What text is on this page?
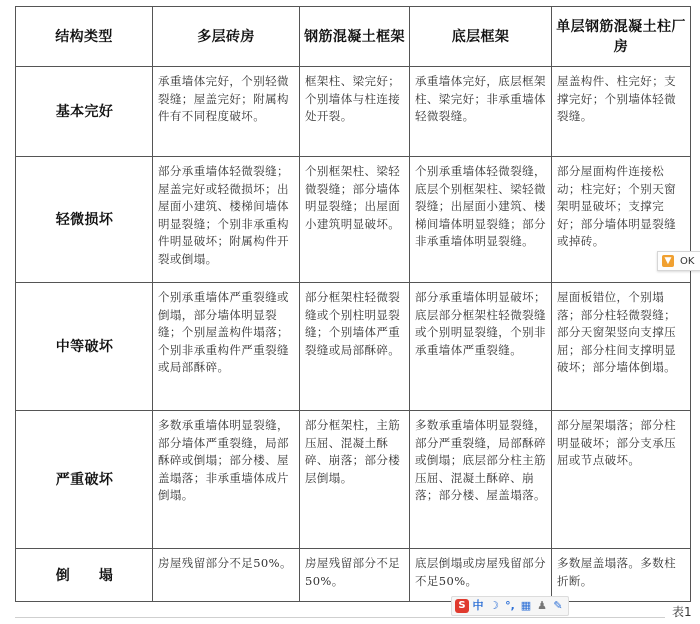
结构类型	多层砖房	钢筋混凝土框架	底层框架	单层钢筋混凝土柱厂房
基本完好	承重墙体完好，个别轻微裂缝；屋盖完好；附属构件有不同程度破坏。	框架柱、梁完好；个别墙体与柱连接处开裂。	承重墙体完好，底层框架柱、梁完好；非承重墙体轻微裂缝。	屋盖构件、柱完好；支撑完好；个别墙体轻微裂缝。
轻微损坏	部分承重墙体轻微裂缝；屋盖完好或轻微损坏；出屋面小建筑、楼梯间墙体明显裂缝；个别非承重构件明显破坏；附属构件开裂或倒塌。	个别框架柱、梁轻微裂缝；部分墙体明显裂缝；出屋面小建筑明显破坏。	个别承重墙体轻微裂缝，底层个别框架柱、梁轻微裂缝；出屋面小建筑、楼梯间墙体明显裂缝；部分非承重墙体明显裂缝。	部分屋面构件连接松动；柱完好；个别天窗架明显破坏；支撑完好；部分墙体明显裂缝或掉砖。
中等破坏	个别承重墙体严重裂缝或倒塌，部分墙体明显裂缝；个别屋盖构件塌落；个别非承重构件严重裂缝或局部酥碎。	部分框架柱轻微裂缝或个别柱明显裂缝；个别墙体严重裂缝或局部酥碎。	部分承重墙体明显破坏；底层部分框架柱轻微裂缝或个别明显裂缝，个别非承重墙体严重裂缝。	屋面板错位，个别塌落；部分柱轻微裂缝；部分天窗架竖向支撑压屈；部分柱间支撑明显破坏；部分墙体倒塌。
严重破坏	多数承重墙体明显裂缝，部分墙体严重裂缝，局部酥碎或倒塌；部分楼、屋盖塌落；非承重墙体成片倒塌。	部分框架柱，主筋压屈、混凝土酥碎、崩落；部分楼层倒塌。	多数承重墙体明显裂缝，部分严重裂缝，局部酥碎或倒塌；底层部分柱主筋压屈、混凝土酥碎、崩落；部分楼、屋盖塌落。	部分屋架塌落；部分柱明显破坏；部分支承压屈或节点破坏。
倒　　塌	房屋残留部分不足50%。	房屋残留部分不足50%。	底层倒塌或房屋残留部分不足50%。	多数屋盖塌落。多数柱折断。
▼ OK
S 中 ☽ °, ▦ ♟ ✎	表1
